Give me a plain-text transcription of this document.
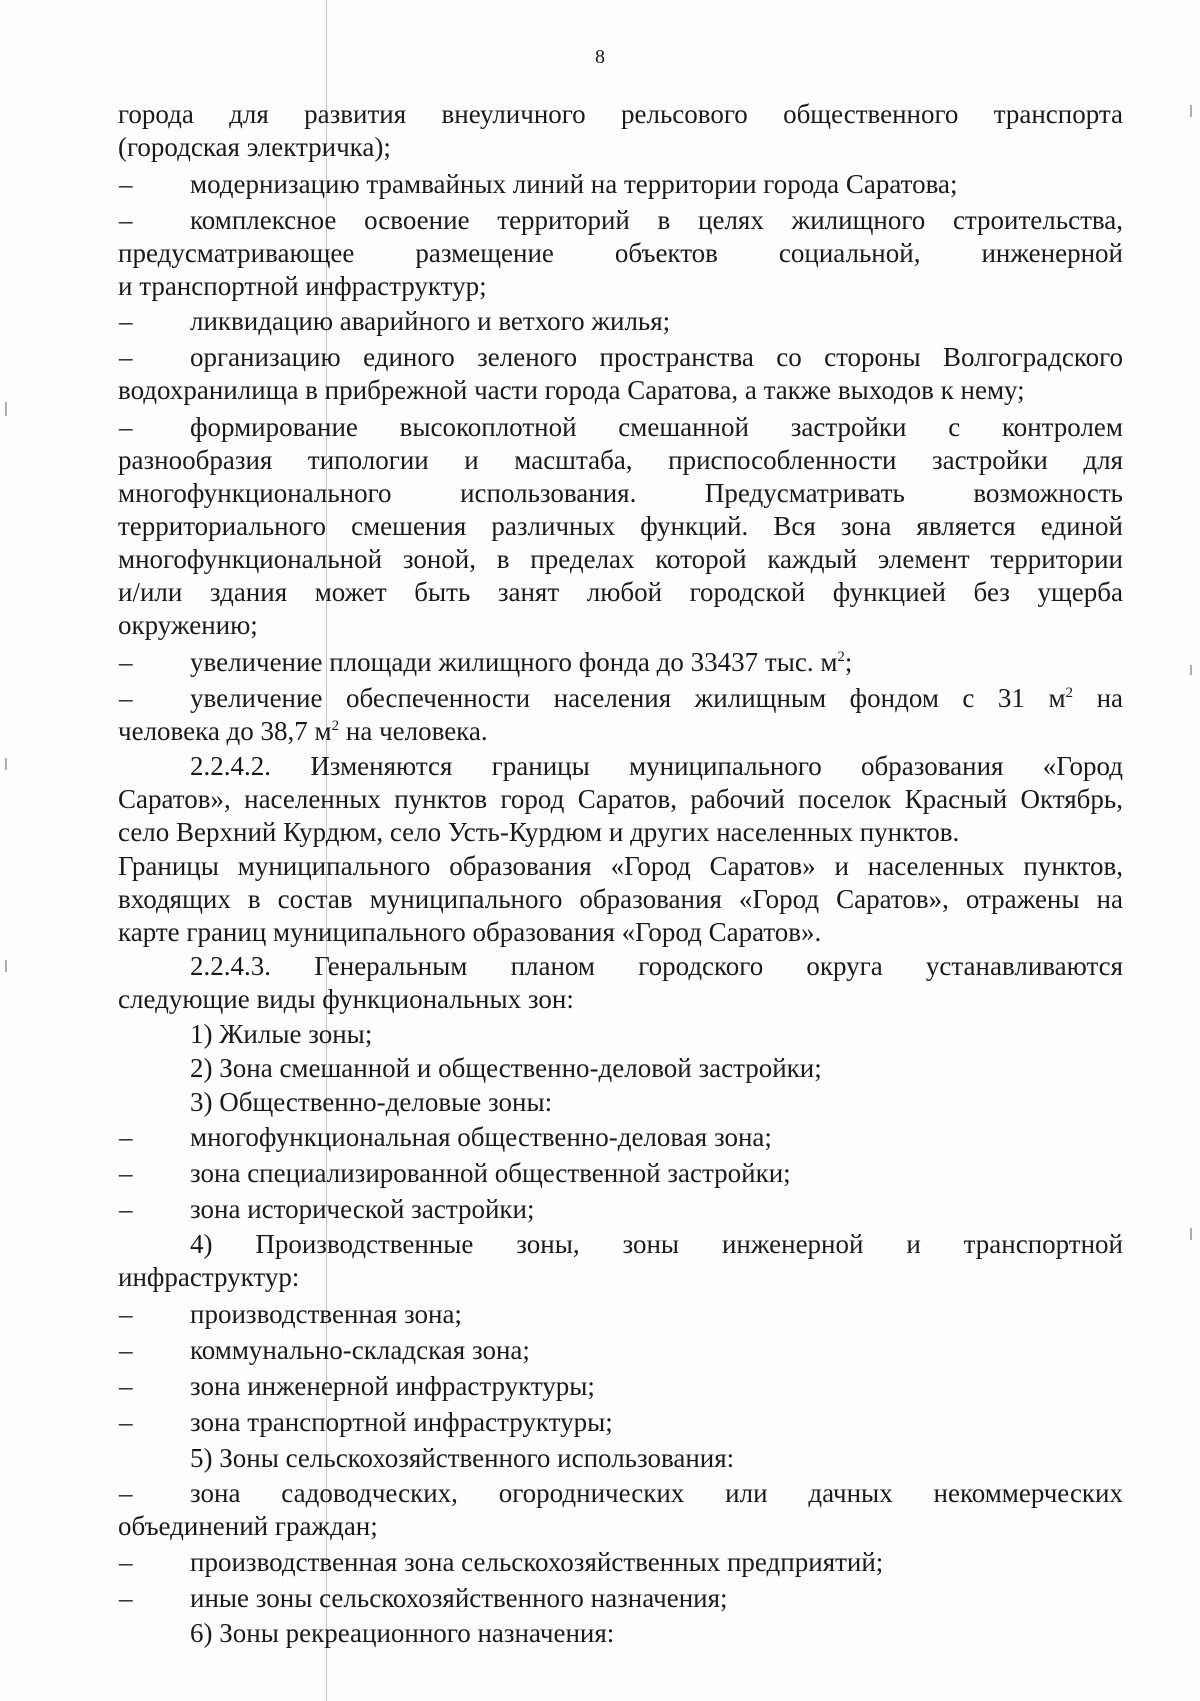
8
города для развития внеуличного рельсового общественного транспорта
(городская электричка);
– модернизацию трамвайных линий на территории города Саратова;
– комплексное освоение территорий в целях жилищного строительства,
предусматривающее размещение объектов социальной, инженерной
и транспортной инфраструктур;
– ликвидацию аварийного и ветхого жилья;
– организацию единого зеленого пространства со стороны Волгоградского
водохранилища в прибрежной части города Саратова, а также выходов к нему;
– формирование высокоплотной смешанной застройки с контролем
разнообразия типологии и масштаба, приспособленности застройки для
многофункционального использования. Предусматривать возможность
территориального смешения различных функций. Вся зона является единой
многофункциональной зоной, в пределах которой каждый элемент территории
и/или здания может быть занят любой городской функцией без ущерба
окружению;
– увеличение площади жилищного фонда до 33437 тыс. $м^2$;
– увеличение обеспеченности населения жилищным фондом с 31 $м^2$ на
человека до 38,7 $м^2$ на человека.
2.2.4.2. Изменяются границы муниципального образования «Город
Саратов», населенных пунктов город Саратов, рабочий поселок Красный Октябрь,
село Верхний Курдюм, село Усть-Курдюм и других населенных пунктов.
Границы муниципального образования «Город Саратов» и населенных пунктов,
входящих в состав муниципального образования «Город Саратов», отражены на
карте границ муниципального образования «Город Саратов».
2.2.4.3. Генеральным планом городского округа устанавливаются
следующие виды функциональных зон:
1) Жилые зоны;
2) Зона смешанной и общественно-деловой застройки;
3) Общественно-деловые зоны:
– многофункциональная общественно-деловая зона;
– зона специализированной общественной застройки;
– зона исторической застройки;
4) Производственные зоны, зоны инженерной и транспортной
инфраструктур:
– производственная зона;
– коммунально-складская зона;
– зона инженерной инфраструктуры;
– зона транспортной инфраструктуры;
5) Зоны сельскохозяйственного использования:
– зона садоводческих, огороднических или дачных некоммерческих
объединений граждан;
– производственная зона сельскохозяйственных предприятий;
– иные зоны сельскохозяйственного назначения;
6) Зоны рекреационного назначения:
